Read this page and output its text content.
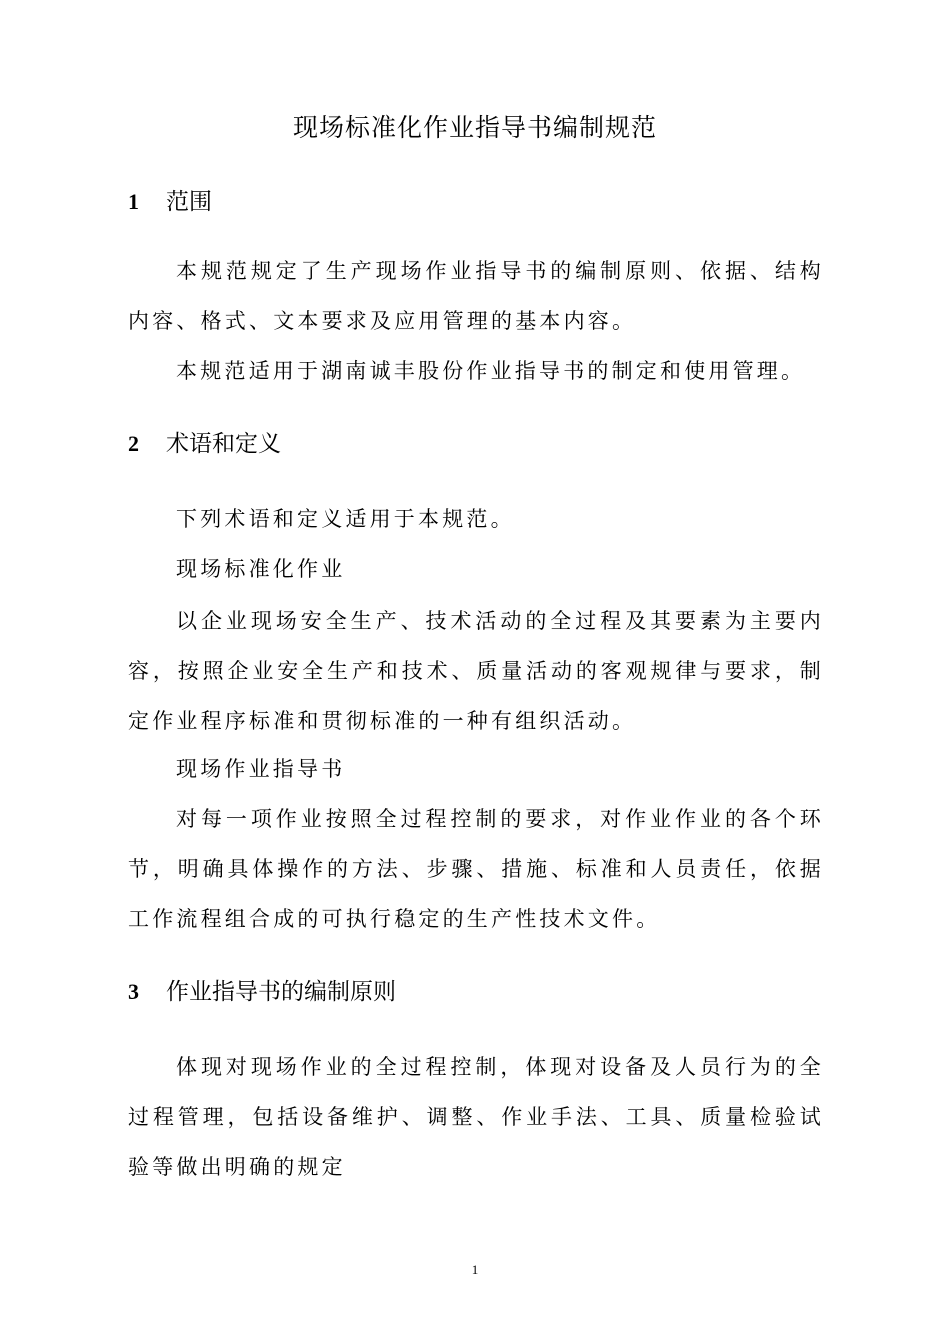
现场标准化作业指导书编制规范
1 范围
本规范规定了生产现场作业指导书的编制原则、依据、结构内容、格式、文本要求及应用管理的基本内容。
本规范适用于湖南诚丰股份作业指导书的制定和使用管理。
2 术语和定义
下列术语和定义适用于本规范。
现场标准化作业
以企业现场安全生产、技术活动的全过程及其要素为主要内容，按照企业安全生产和技术、质量活动的客观规律与要求，制定作业程序标准和贯彻标准的一种有组织活动。
现场作业指导书
对每一项作业按照全过程控制的要求，对作业作业的各个环节，明确具体操作的方法、步骤、措施、标准和人员责任，依据工作流程组合成的可执行稳定的生产性技术文件。
3 作业指导书的编制原则
体现对现场作业的全过程控制，体现对设备及人员行为的全过程管理，包括设备维护、调整、作业手法、工具、质量检验试验等做出明确的规定
1
